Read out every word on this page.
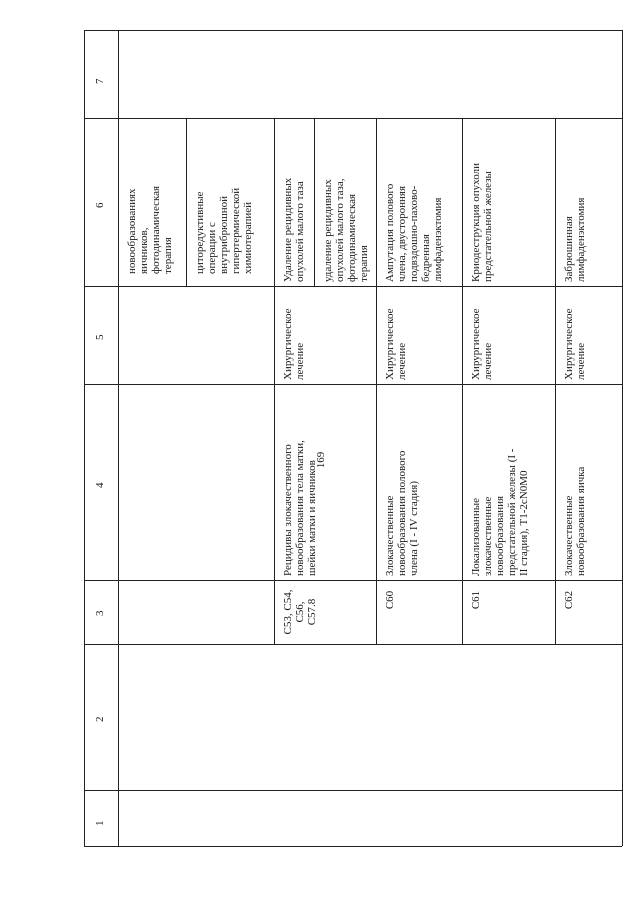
169
7
6
5
4
3
2
1
новообразованиях
яичников,
фотодинамическая
терапия циторедуктивные
операции с
внутрибрюшной
гипертермической
химиотерапией
C53, C54, C56,
C57.8
Рецидивы злокачественного
новообразования тела матки,
шейки матки и яичников
Хирургическое
лечение
Удаление рецидивных
опухолей малого таза
удаление рецидивных
опухолей малого таза,
фотодинамическая
терапия
C60
Злокачественные
новообразования полового
члена (I - IV стадия)
Хирургическое
лечение
Ампутация полового
члена, двусторонняя
подвздошно-пахово-
бедренная
лимфаденэктомия
C61
Локализованные
злокачественные
новообразования
предстательной железы (I -
II стадия), T1-2cN0M0
Хирургическое
лечение
Криодеструкция опухоли
предстательной железы
C62
Злокачественные
новообразования яичка
Хирургическое
лечение
Забрюшинная
лимфаденэктомия
